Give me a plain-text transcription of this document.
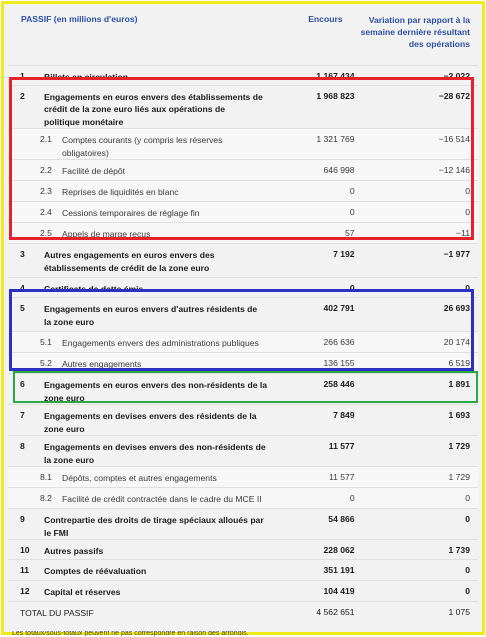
PASSIF (en millions d'euros)	Encours	Variation par rapport à la
semaine dernière résultant
des opérations

1 Billets en circulation	1 167 434	−2 022

2 Engagements en euros envers des établissements de
crédit de la zone euro liés aux opérations de
politique monétaire	1 968 823	−28 672

2.1 Comptes courants (y compris les réserves
obligatoires)	1 321 769	−16 514

2.2 Facilité de dépôt	646 998	−12 146

2.3 Reprises de liquidités en blanc	0	0

2.4 Cessions temporaires de réglage fin	0	0

2.5 Appels de marge reçus	57	−11

3 Autres engagements en euros envers des
établissements de crédit de la zone euro	7 192	−1 977

4 Certificats de dette émis	0	0

5 Engagements en euros envers d'autres résidents de
la zone euro	402 791	26 693

5.1 Engagements envers des administrations publiques	266 636	20 174

5.2 Autres engagements	136 155	6 519

6 Engagements en euros envers des non-résidents de la
zone euro	258 446	1 891

7 Engagements en devises envers des résidents de la
zone euro	7 849	1 693

8 Engagements en devises envers des non-résidents de
la zone euro	11 577	1 729

8.1 Dépôts, comptes et autres engagements	11 577	1 729

8.2 Facilité de crédit contractée dans le cadre du MCE II	0	0

9 Contrepartie des droits de tirage spéciaux alloués par
le FMI	54 866	0

10 Autres passifs	228 062	1 739

11 Comptes de réévaluation	351 191	0

12 Capital et réserves	104 419	0

TOTAL DU PASSIF	4 562 651	1 075
Les totaux/sous-totaux peuvent ne pas correspondre en raison des arrondis.
